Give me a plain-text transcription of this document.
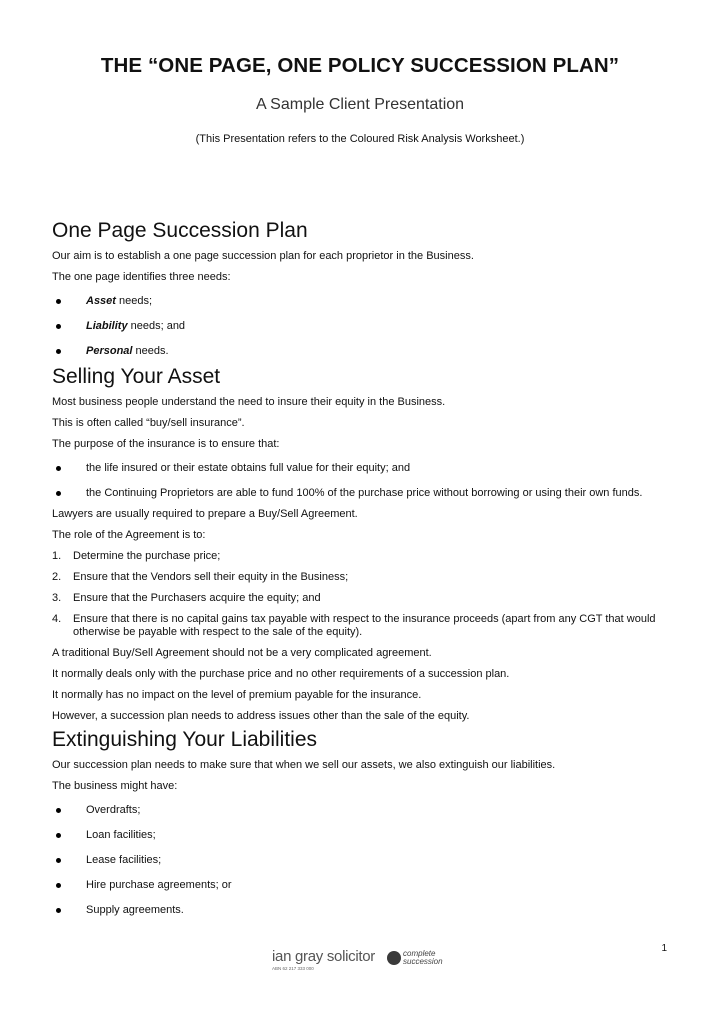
THE “ONE PAGE, ONE POLICY SUCCESSION PLAN”
A Sample Client Presentation
(This Presentation refers to the Coloured Risk Analysis Worksheet.)
One Page Succession Plan

Our aim is to establish a one page succession plan for each proprietor in the Business.

The one page identifies three needs:

Asset needs;
Liability needs; and
Personal needs.
Selling Your Asset

Most business people understand the need to insure their equity in the Business.

This is often called “buy/sell insurance”.

The purpose of the insurance is to ensure that:

the life insured or their estate obtains full value for their equity; and
the Continuing Proprietors are able to fund 100% of the purchase price without borrowing or using their own funds.

Lawyers are usually required to prepare a Buy/Sell Agreement.

The role of the Agreement is to:

1. Determine the purchase price;
2. Ensure that the Vendors sell their equity in the Business;
3. Ensure that the Purchasers acquire the equity; and
4. Ensure that there is no capital gains tax payable with respect to the insurance proceeds (apart from any CGT that would otherwise be payable with respect to the sale of the equity).

A traditional Buy/Sell Agreement should not be a very complicated agreement.

It normally deals only with the purchase price and no other requirements of a succession plan.

It normally has no impact on the level of premium payable for the insurance.

However, a succession plan needs to address issues other than the sale of the equity.

Extinguishing Your Liabilities

Our succession plan needs to make sure that when we sell our assets, we also extinguish our liabilities.

The business might have:

Overdrafts;
Loan facilities;
Lease facilities;
Hire purchase agreements; or
Supply agreements.
1
ian gray solicitor
ABN 62 217 333 000
complete
succession
